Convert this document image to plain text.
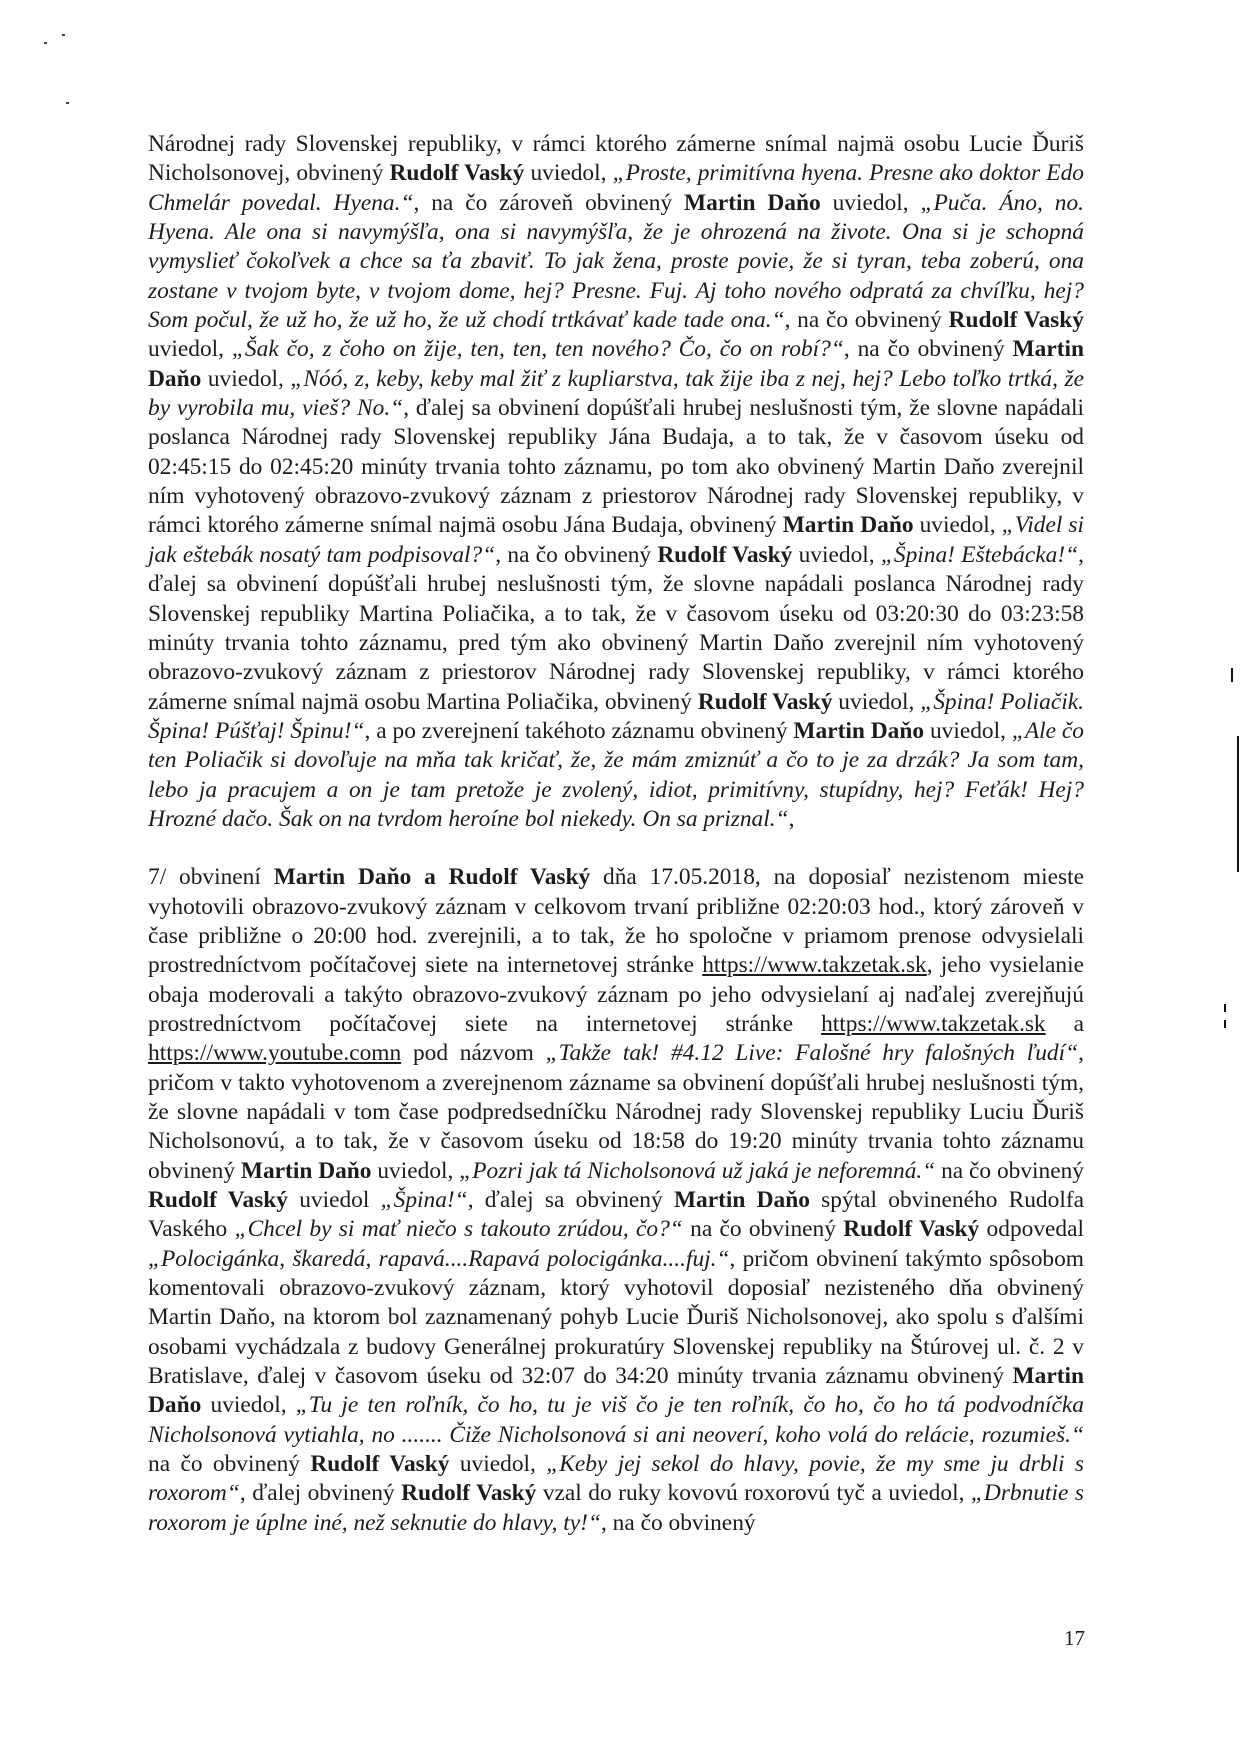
Národnej rady Slovenskej republiky, v rámci ktorého zámerne snímal najmä osobu Lucie Ďuriš Nicholsonovej, obvinený Rudolf Vaský uviedol, „Proste, primitívna hyena. Presne ako doktor Edo Chmelár povedal. Hyena.“, na čo zároveň obvinený Martin Daňo uviedol, „Puča. Áno, no. Hyena. Ale ona si navymýšľa, ona si navymýšľa, že je ohrozená na živote. Ona si je schopná vymyslieť čokoľvek a chce sa ťa zbaviť. To jak žena, proste povie, že si tyran, teba zoberú, ona zostane v tvojom byte, v tvojom dome, hej? Presne. Fuj. Aj toho nového odpratá za chvíľku, hej? Som počul, že už ho, že už ho, že už chodí trtkávať kade tade ona.“, na čo obvinený Rudolf Vaský uviedol, „Šak čo, z čoho on žije, ten, ten, ten nového? Čo, čo on robí?“, na čo obvinený Martin Daňo uviedol, „Nóó, z, keby, keby mal žiť z kupliarstva, tak žije iba z nej, hej? Lebo toľko trtká, že by vyrobila mu, vieš? No.“, ďalej sa obvinení dopúšťali hrubej neslušnosti tým, že slovne napádali poslanca Národnej rady Slovenskej republiky Jána Budaja, a to tak, že v časovom úseku od 02:45:15 do 02:45:20 minúty trvania tohto záznamu, po tom ako obvinený Martin Daňo zverejnil ním vyhotovený obrazovo-zvukový záznam z priestorov Národnej rady Slovenskej republiky, v rámci ktorého zámerne snímal najmä osobu Jána Budaja, obvinený Martin Daňo uviedol, „Videl si jak eštebák nosatý tam podpisoval?“, na čo obvinený Rudolf Vaský uviedol, „Špina! Eštebácka!“, ďalej sa obvinení dopúšťali hrubej neslušnosti tým, že slovne napádali poslanca Národnej rady Slovenskej republiky Martina Poliačika, a to tak, že v časovom úseku od 03:20:30 do 03:23:58 minúty trvania tohto záznamu, pred tým ako obvinený Martin Daňo zverejnil ním vyhotovený obrazovo-zvukový záznam z priestorov Národnej rady Slovenskej republiky, v rámci ktorého zámerne snímal najmä osobu Martina Poliačika, obvinený Rudolf Vaský uviedol, „Špina! Poliačik. Špina! Púšťaj! Špinu!“, a po zverejnení takéhoto záznamu obvinený Martin Daňo uviedol, „Ale čo ten Poliačik si dovoľuje na mňa tak kričať, že, že mám zmiznúť a čo to je za drzák? Ja som tam, lebo ja pracujem a on je tam pretože je zvolený, idiot, primitívny, stupídny, hej? Feťák! Hej? Hrozné dačo. Šak on na tvrdom heroíne bol niekedy. On sa priznal.“,

7/ obvinení Martin Daňo a Rudolf Vaský dňa 17.05.2018, na doposiaľ nezistenom mieste vyhotovili obrazovo-zvukový záznam v celkovom trvaní približne 02:20:03 hod., ktorý zároveň v čase približne o 20:00 hod. zverejnili, a to tak, že ho spoločne v priamom prenose odvysielali prostredníctvom počítačovej siete na internetovej stránke https://www.takzetak.sk, jeho vysielanie obaja moderovali a takýto obrazovo-zvukový záznam po jeho odvysielaní aj naďalej zverejňujú prostredníctvom počítačovej siete na internetovej stránke https://www.takzetak.sk a https://www.youtube.comn pod názvom „Takže tak! #4.12 Live: Falošné hry falošných ľudí“, pričom v takto vyhotovenom a zverejnenom zázname sa obvinení dopúšťali hrubej neslušnosti tým, že slovne napádali v tom čase podpredsedníčku Národnej rady Slovenskej republiky Luciu Ďuriš Nicholsonovú, a to tak, že v časovom úseku od 18:58 do 19:20 minúty trvania tohto záznamu obvinený Martin Daňo uviedol, „Pozri jak tá Nicholsonová už jaká je neforemná.“ na čo obvinený Rudolf Vaský uviedol „Špina!“, ďalej sa obvinený Martin Daňo spýtal obvineného Rudolfa Vaského „Chcel by si mať niečo s takouto zrúdou, čo?“ na čo obvinený Rudolf Vaský odpovedal „Polocigánka, škaredá, rapavá....Rapavá polocigánka....fuj.“, pričom obvinení takýmto spôsobom komentovali obrazovo-zvukový záznam, ktorý vyhotovil doposiaľ nezisteného dňa obvinený Martin Daňo, na ktorom bol zaznamenaný pohyb Lucie Ďuriš Nicholsonovej, ako spolu s ďalšími osobami vychádzala z budovy Generálnej prokuratúry Slovenskej republiky na Štúrovej ul. č. 2 v Bratislave, ďalej v časovom úseku od 32:07 do 34:20 minúty trvania záznamu obvinený Martin Daňo uviedol, „Tu je ten roľník, čo ho, tu je viš čo je ten roľník, čo ho, čo ho tá podvodníčka Nicholsonová vytiahla, no ....... Čiže Nicholsonová si ani neoverí, koho volá do relácie, rozumieš.“ na čo obvinený Rudolf Vaský uviedol, „Keby jej sekol do hlavy, povie, že my sme ju drbli s roxorom“, ďalej obvinený Rudolf Vaský vzal do ruky kovovú roxorovú tyč a uviedol, „Drbnutie s roxorom je úplne iné, než seknutie do hlavy, ty!“, na čo obvinený

17
